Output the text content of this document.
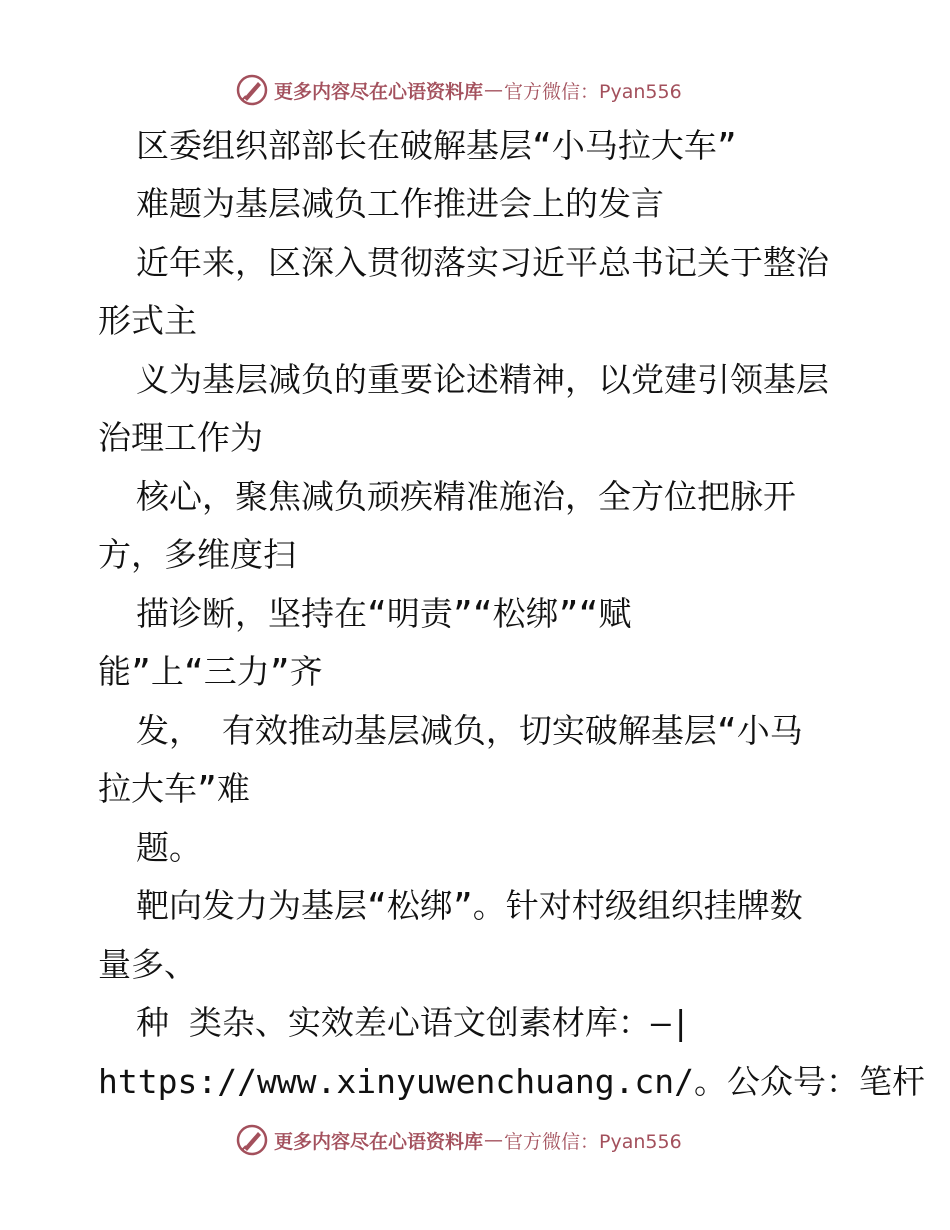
更多内容尽在心语资料库 — 官方微信：Pyan556
区委组织部部长在破解基层“小马拉大车”
难题为基层减负工作推进会上的发言
近年来，区深入贯彻落实习近平总书记关于整治
形式主
义为基层减负的重要论述精神，以党建引领基层
治理工作为
核心，聚焦减负顽疾精准施治，全方位把脉开
方，多维度扫
描诊断，坚持在“明责”“松绑”“赋
能”上“三力”齐
发， 有效推动基层减负，切实破解基层“小马
拉大车”难
题。
靶向发力为基层“松绑”。针对村级组织挂牌数
量多、
种 类杂、实效差心语文创素材库：—|
https://www.xinyuwenchuang.cn/。公众号：笔杆
更多内容尽在心语资料库 — 官方微信：Pyan556
